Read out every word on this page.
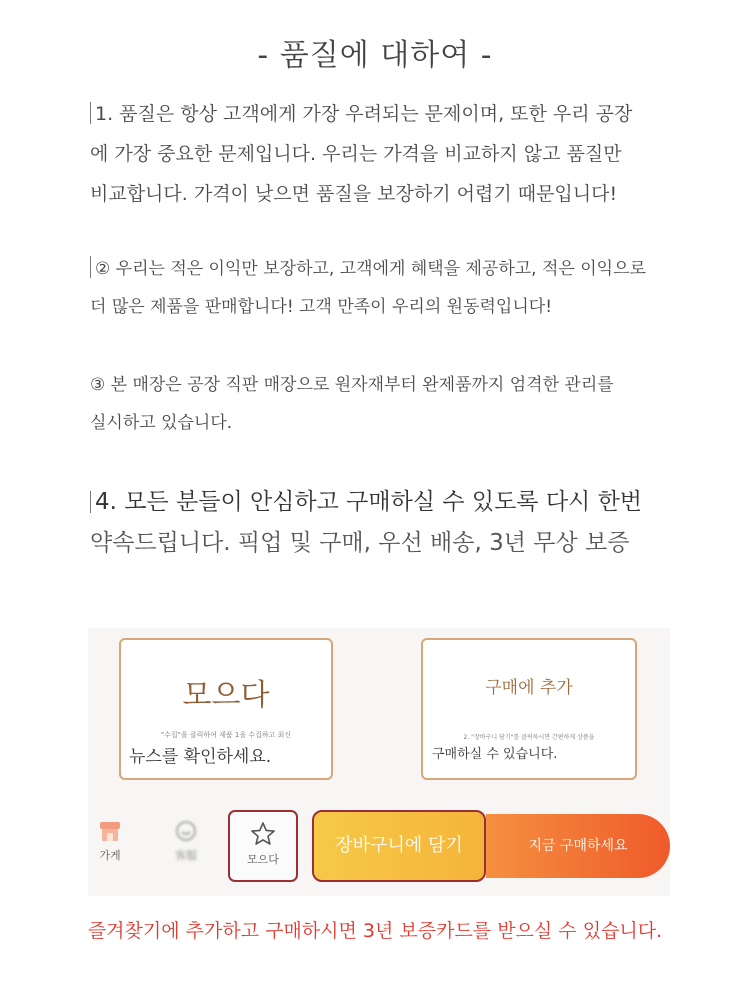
- 품질에 대하여 -
1. 품질은 항상 고객에게 가장 우려되는 문제이며, 또한 우리 공장
에 가장 중요한 문제입니다. 우리는 가격을 비교하지 않고 품질만
비교합니다. 가격이 낮으면 품질을 보장하기 어렵기 때문입니다!
② 우리는 적은 이익만 보장하고, 고객에게 혜택을 제공하고, 적은 이익으로
더 많은 제품을 판매합니다! 고객 만족이 우리의 원동력입니다!
③ 본 매장은 공장 직판 매장으로 원자재부터 완제품까지 엄격한 관리를
실시하고 있습니다.
4. 모든 분들이 안심하고 구매하실 수 있도록 다시 한번
약속드립니다. 픽업 및 구매, 우선 배송, 3년 무상 보증
모으다
"수집"을 클릭하여 제품 1을 수집하고 최신
뉴스를 확인하세요.
구매에 추가
2. "장바구니 담기"를 클릭하시면 간편하게 상품을
구매하실 수 있습니다.
가게	客服	모으다
장바구니에 담기	지금 구매하세요
즐겨찾기에 추가하고 구매하시면 3년 보증카드를 받으실 수 있습니다.
